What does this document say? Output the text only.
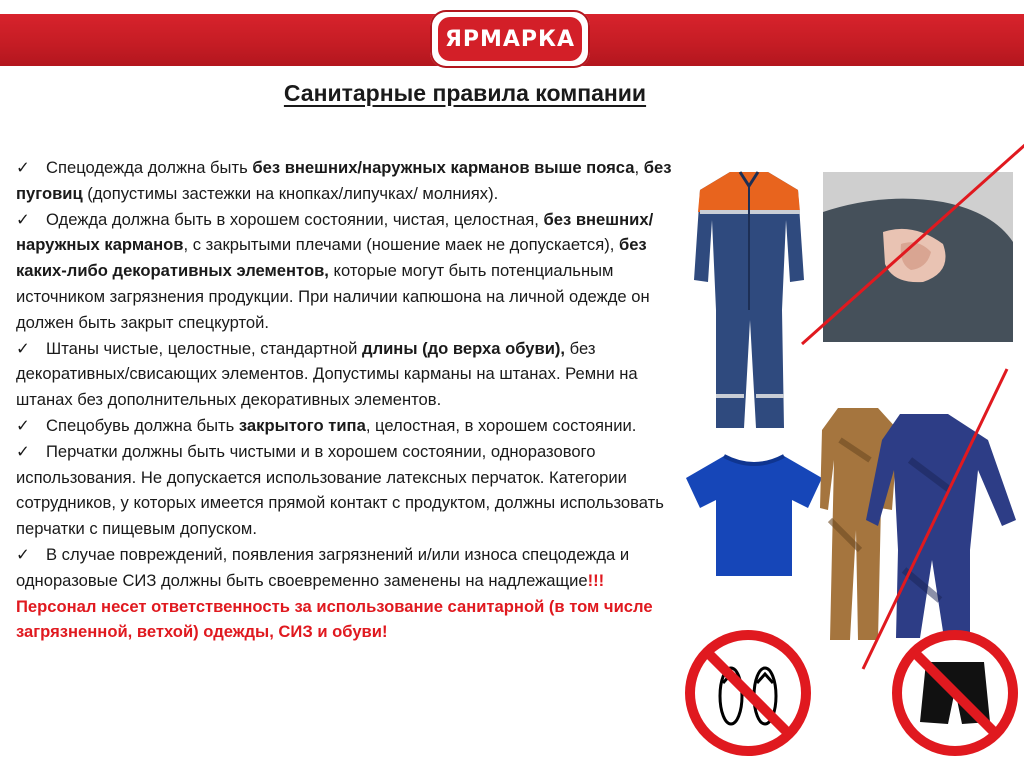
ЯРМАРКА
Санитарные правила компании

✓ Спецодежда должна быть без внешних/наружных карманов выше пояса, без пуговиц (допустимы застежки на кнопках/липучках/ молниях).

✓ Одежда должна быть в хорошем состоянии, чистая, целостная, без внешних/наружных карманов, с закрытыми плечами (ношение маек не допускается), без каких-либо декоративных элементов, которые могут быть потенциальным источником загрязнения продукции. При наличии капюшона на личной одежде он должен быть закрыт спецкуртой.

✓ Штаны чистые, целостные, стандартной длины (до верха обуви), без декоративных/свисающих элементов. Допустимы карманы на штанах. Ремни на штанах без дополнительных декоративных элементов.

✓ Спецобувь должна быть закрытого типа, целостная, в хорошем состоянии.

✓ Перчатки должны быть чистыми и в хорошем состоянии, одноразового использования. Не допускается использование латексных перчаток. Категории сотрудников, у которых имеется прямой контакт с продуктом, должны использовать перчатки с пищевым допуском.

✓ В случае повреждений, появления загрязнений и/или износа спецодежда и одноразовые СИЗ должны быть своевременно заменены на надлежащие!!!

Персонал несет ответственность за использование санитарной (в том числе загрязненной, ветхой) одежды, СИЗ и обуви!
